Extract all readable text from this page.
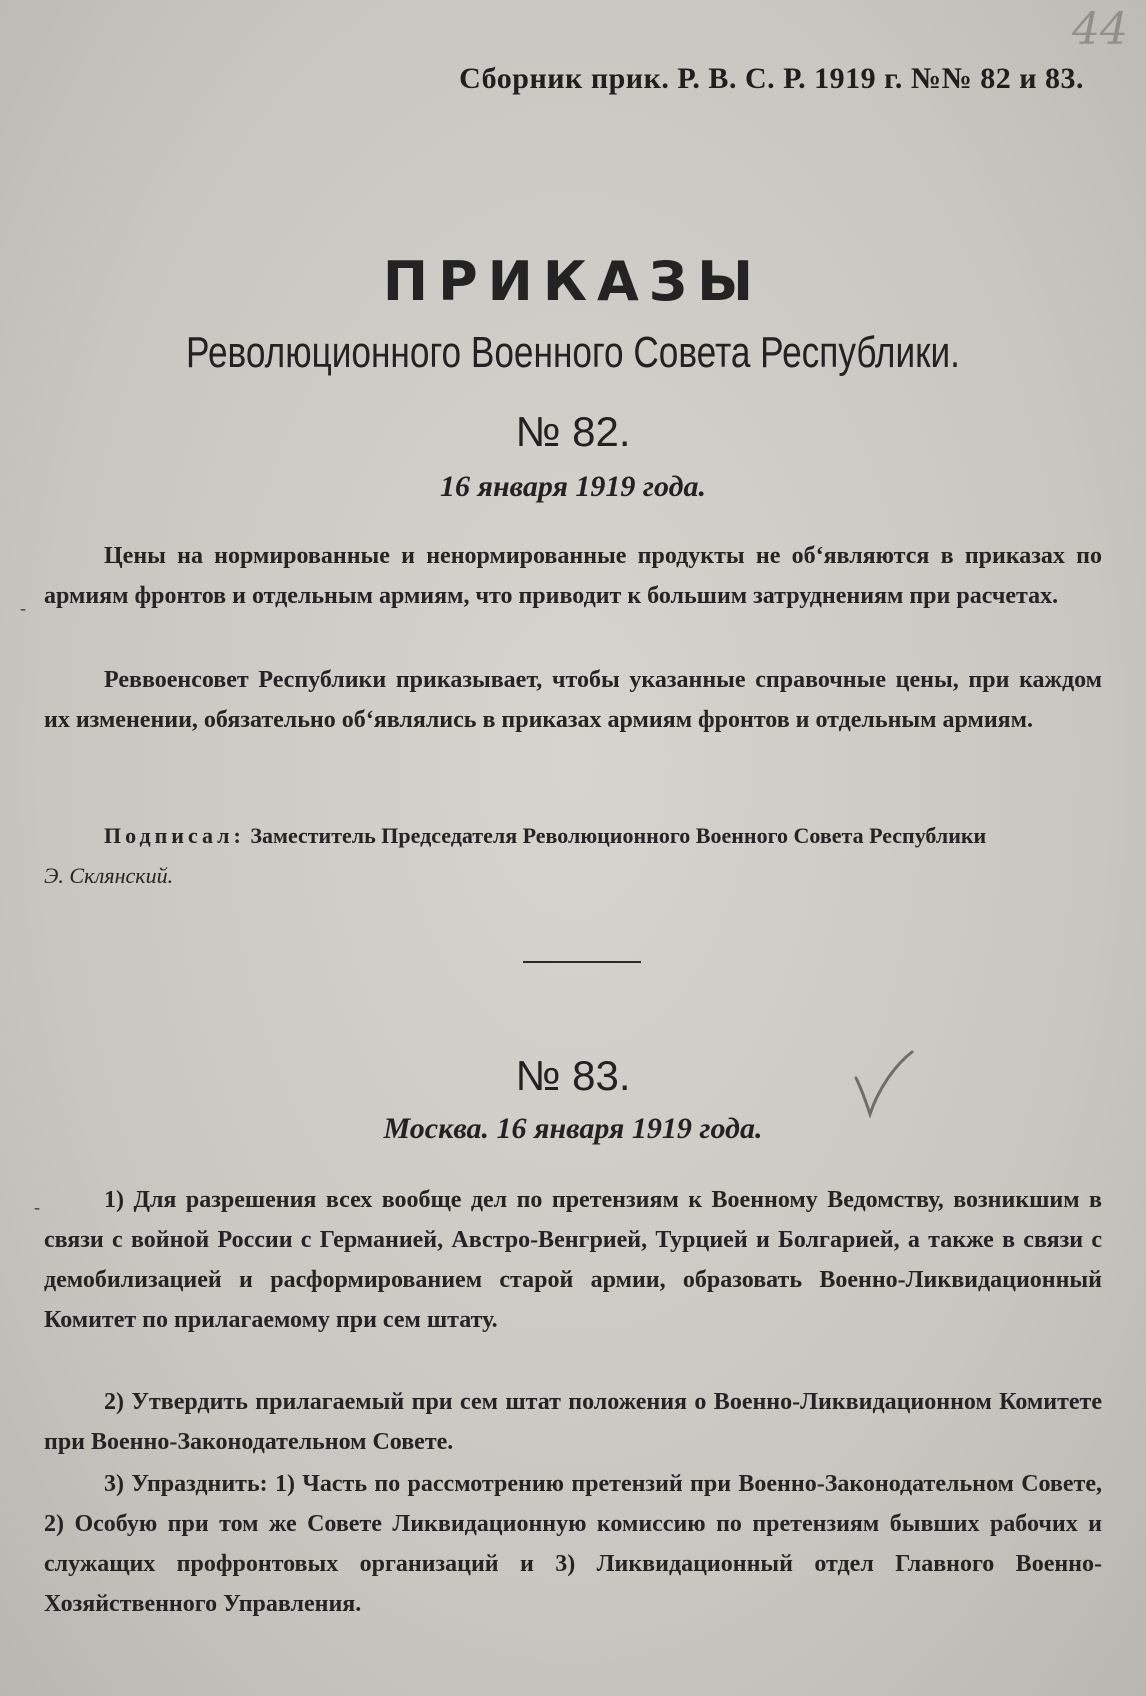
44
Сборник прик. Р. В. С. Р. 1919 г. №№ 82 и 83.
ПРИКАЗЫ
Революционного Военного Совета Республики.
№ 82.
16 января 1919 года.
Цены на нормированные и ненормированные продукты не об‘являются в приказах по армиям фронтов и отдельным армиям, что приводит к большим затруднениям при расчетах.
Реввоенсовет Республики приказывает, чтобы указанные справочные цены, при каждом их изменении, обязательно об‘являлись в приказах армиям фронтов и отдельным армиям.
Подписал: Заместитель Председателя Революционного Военного Совета Республики
Э. Склянский.
№ 83.
Москва. 16 января 1919 года.
1) Для разрешения всех вообще дел по претензиям к Военному Ведомству, возникшим в связи с войной России с Германией, Австро-Венгрией, Турцией и Болгарией, а также в связи с демобилизацией и расформированием старой армии, образовать Военно-Ликвидационный Комитет по прилагаемому при сем штату.
2) Утвердить прилагаемый при сем штат положения о Военно-Ликвидационном Комитете при Военно-Законодательном Совете.
3) Упразднить: 1) Часть по рассмотрению претензий при Военно-Законодательном Совете, 2) Особую при том же Совете Ликвидационную комиссию по претензиям бывших рабочих и служащих профронтовых организаций и 3) Ликвидационный отдел Главного Военно-Хозяйственного Управления.
-
-
